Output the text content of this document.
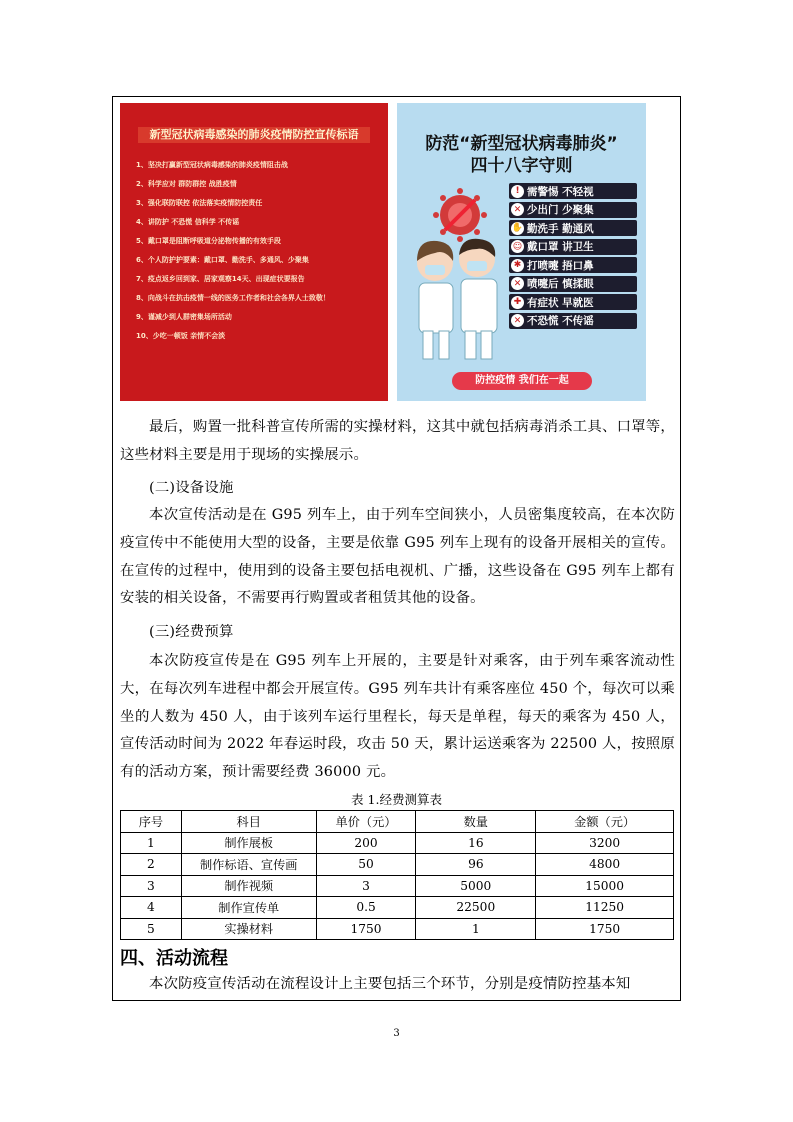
新型冠状病毒感染的肺炎疫情防控宣传标语
1、坚决打赢新型冠状病毒感染的肺炎疫情阻击战
2、科学应对 群防群控 战胜疫情
3、强化联防联控 依法落实疫情防控责任
4、讲防护 不恐慌 信科学 不传谣
5、戴口罩是阻断呼吸道分泌物传播的有效手段
6、个人防护护要素：戴口罩、勤洗手、多通风、少聚集
7、疫点返乡回到家、居家观察14天、出现症状要报告
8、向战斗在抗击疫情一线的医务工作者和社会各界人士致敬！
9、谨减少到人群密集场所活动
10、少吃一顿饭 亲情不会淡
防范“新型冠状病毒肺炎”
四十八字守则
! 需警惕 不轻视
✕ 少出门 少聚集
✋ 勤洗手 勤通风
☺ 戴口罩 讲卫生
✱ 打喷嚏 捂口鼻
✕ 喷嚏后 慎揉眼
✚ 有症状 早就医
✕ 不恐慌 不传谣
防控疫情 我们在一起
最后，购置一批科普宣传所需的实操材料，这其中就包括病毒消杀工具、口罩等，这些材料主要是用于现场的实操展示。
(二)设备设施
本次宣传活动是在 G95 列车上，由于列车空间狭小，人员密集度较高，在本次防疫宣传中不能使用大型的设备，主要是依靠 G95 列车上现有的设备开展相关的宣传。在宣传的过程中，使用到的设备主要包括电视机、广播，这些设备在 G95 列车上都有安装的相关设备，不需要再行购置或者租赁其他的设备。
(三)经费预算
本次防疫宣传是在 G95 列车上开展的，主要是针对乘客，由于列车乘客流动性大，在每次列车进程中都会开展宣传。G95 列车共计有乘客座位 450 个，每次可以乘坐的人数为 450 人，由于该列车运行里程长，每天是单程，每天的乘客为 450 人，宣传活动时间为 2022 年春运时段，攻击 50 天，累计运送乘客为 22500 人，按照原有的活动方案，预计需要经费 36000 元。
表 1.经费测算表
序号	科目	单价（元）	数量	金额（元）
1	制作展板	200	16	3200
2	制作标语、宣传画	50	96	4800
3	制作视频	3	5000	15000
4	制作宣传单	0.5	22500	11250
5	实操材料	1750	1	1750
四、活动流程
本次防疫宣传活动在流程设计上主要包括三个环节，分别是疫情防控基本知
3
